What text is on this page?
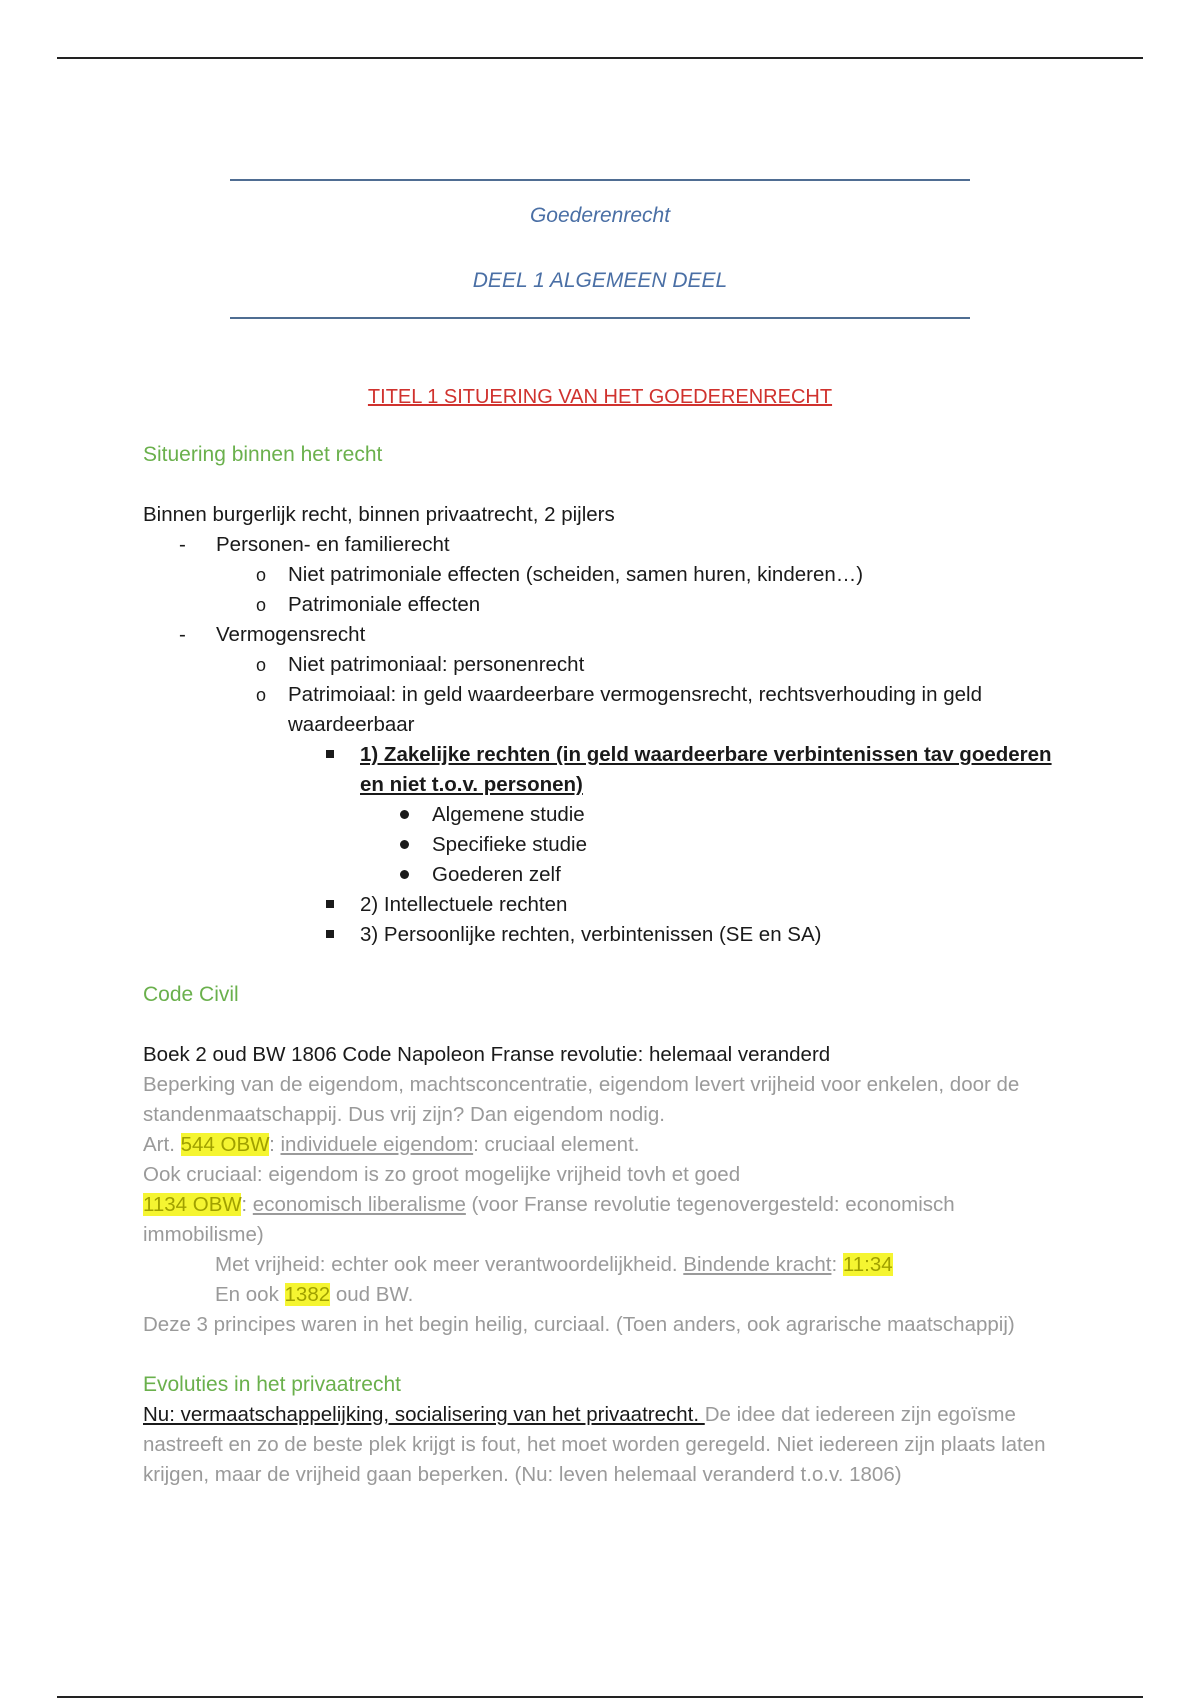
Goederenrecht
DEEL 1 ALGEMEEN DEEL
TITEL 1 SITUERING VAN HET GOEDERENRECHT

Situering binnen het recht

Binnen burgerlijk recht, binnen privaatrecht, 2 pijlers

- Personen- en familierecht
o Niet patrimoniale effecten (scheiden, samen huren, kinderen…)
o Patrimoniale effecten
- Vermogensrecht
o Niet patrimoniaal: personenrecht
o Patrimoiaal: in geld waardeerbare vermogensrecht, rechtsverhouding in geld waardeerbaar
1) Zakelijke rechten (in geld waardeerbare verbintenissen tav goederen en niet t.o.v. personen)
Algemene studie
Specifieke studie
Goederen zelf
2) Intellectuele rechten
3) Persoonlijke rechten, verbintenissen (SE en SA)

Code Civil

Boek 2 oud BW 1806 Code Napoleon Franse revolutie: helemaal veranderd

Beperking van de eigendom, machtsconcentratie, eigendom levert vrijheid voor enkelen, door de standenmaatschappij. Dus vrij zijn? Dan eigendom nodig.

Art. 544 OBW: individuele eigendom: cruciaal element.

Ook cruciaal: eigendom is zo groot mogelijke vrijheid tovh et goed

1134 OBW: economisch liberalisme (voor Franse revolutie tegenovergesteld: economisch immobilisme)

Met vrijheid: echter ook meer verantwoordelijkheid. Bindende kracht: 11:34

En ook 1382 oud BW.

Deze 3 principes waren in het begin heilig, curciaal. (Toen anders, ook agrarische maatschappij)

Evoluties in het privaatrecht

Nu: vermaatschappelijking, socialisering van het privaatrecht. De idee dat iedereen zijn egoïsme nastreeft en zo de beste plek krijgt is fout, het moet worden geregeld. Niet iedereen zijn plaats laten krijgen, maar de vrijheid gaan beperken. (Nu: leven helemaal veranderd t.o.v. 1806)
